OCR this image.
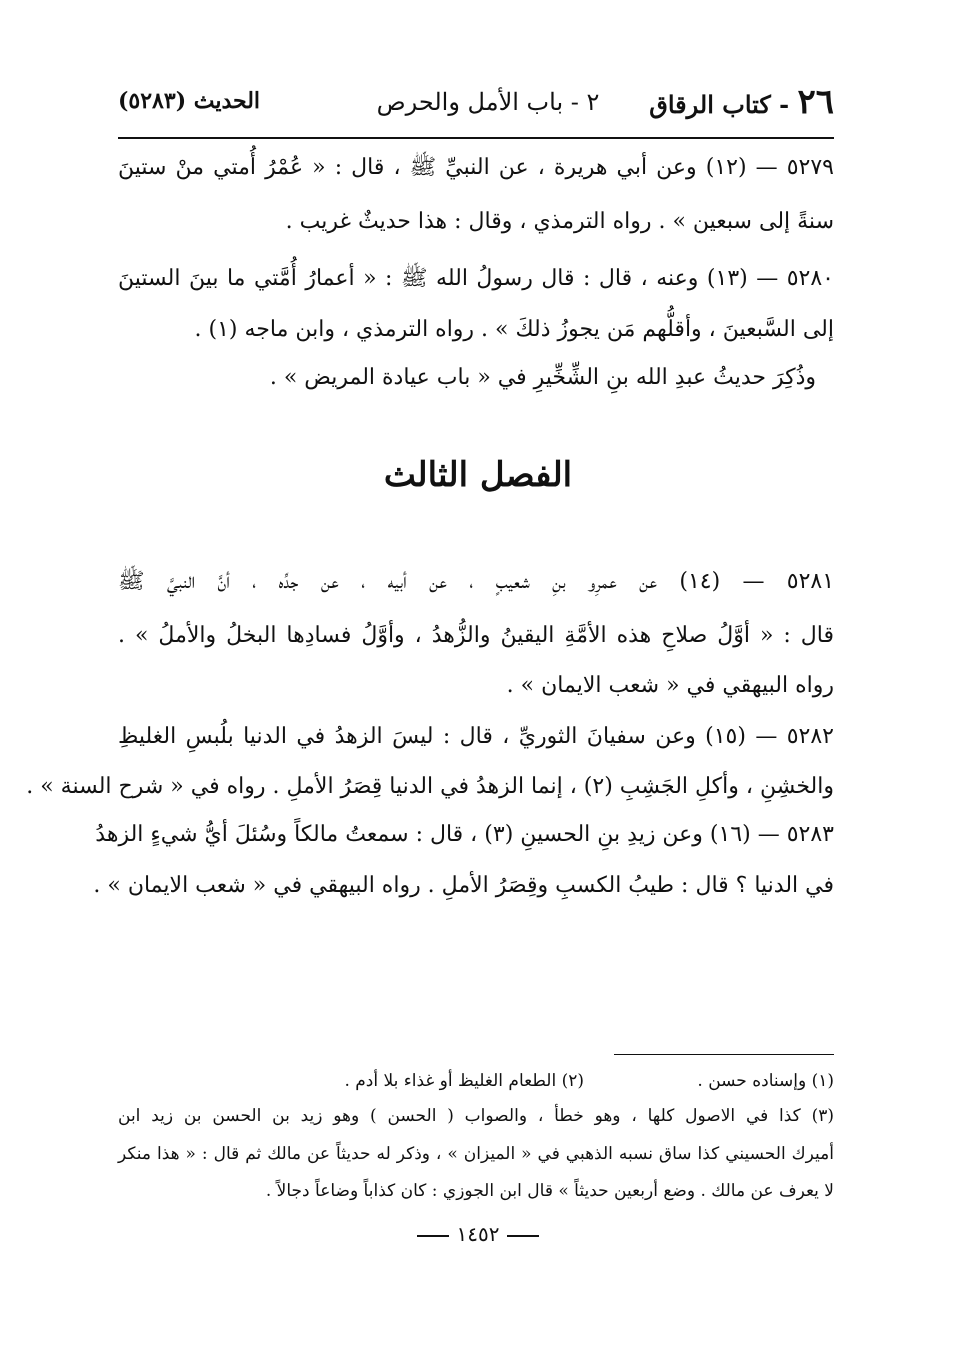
٢٦ - كتاب الرقاق
٢ - باب الأمل والحرص
الحديث (٥٢٨٣)
٥٢٧٩ — (١٢) وعن أبي هريرة ، عن النبيِّ ﷺ ، قال : « عُمْرُ أُمتي منْ ستينَ
سنةً إلى سبعين » . رواه الترمذي ، وقال : هذا حديثٌ غريب .
٥٢٨٠ — (١٣) وعنه ، قال : قال رسولُ الله ﷺ : « أعمارُ أُمَّتي ما بينَ الستينَ
إلى السَّبعينَ ، وأقلُّهم مَن يجوزُ ذلكَ » . رواه الترمذي ، وابن ماجه (١) .
وذُكِرَ حديثُ عبدِ الله بنِ الشِّخِّيرِ في « باب عيادة المريض » .
الفصل الثالث
٥٢٨١ — (١٤) عن عمرِو بنِ شعيبٍ ، عن أبيه ، عن جدِّه ، أنَّ النبيَّ ﷺ
قال : « أوَّلُ صلاحِ هذه الأمَّةِ اليقينُ والزُّهدُ ، وأوَّلُ فسادِها البخلُ والأملُ » .
رواه البيهقي في « شعب الايمان » .
٥٢٨٢ — (١٥) وعن سفيانَ الثوريِّ ، قال : ليسَ الزهدُ في الدنيا بلُبسِ الغليظِ
والخشِنِ ، وأكلِ الجَشِبِ (٢) ، إنما الزهدُ في الدنيا قِصَرُ الأملِ . رواه في « شرح السنة » .
٥٢٨٣ — (١٦) وعن زيدِ بنِ الحسينِ (٣) ، قال : سمعتُ مالكاً وسُئلَ أيُّ شيءٍ الزهدُ
في الدنيا ؟ قال : طيبُ الكسبِ وقِصَرُ الأملِ . رواه البيهقي في « شعب الايمان » .
(١) وإسناده حسن .
(٢) الطعام الغليظ أو غذاء بلا أدم .
(٣) كذا في الاصول كلها ، وهو خطأ ، والصواب ( الحسن ) وهو زيد بن الحسن بن زيد ابن
أميرك الحسيني كذا ساق نسبه الذهبي في « الميزان » ، وذكر له حديثاً عن مالك ثم قال : « هذا منكر
لا يعرف عن مالك . وضع أربعين حديثاً » قال ابن الجوزي : كان كذاباً وضاعاً دجالاً .
١٤٥٢
